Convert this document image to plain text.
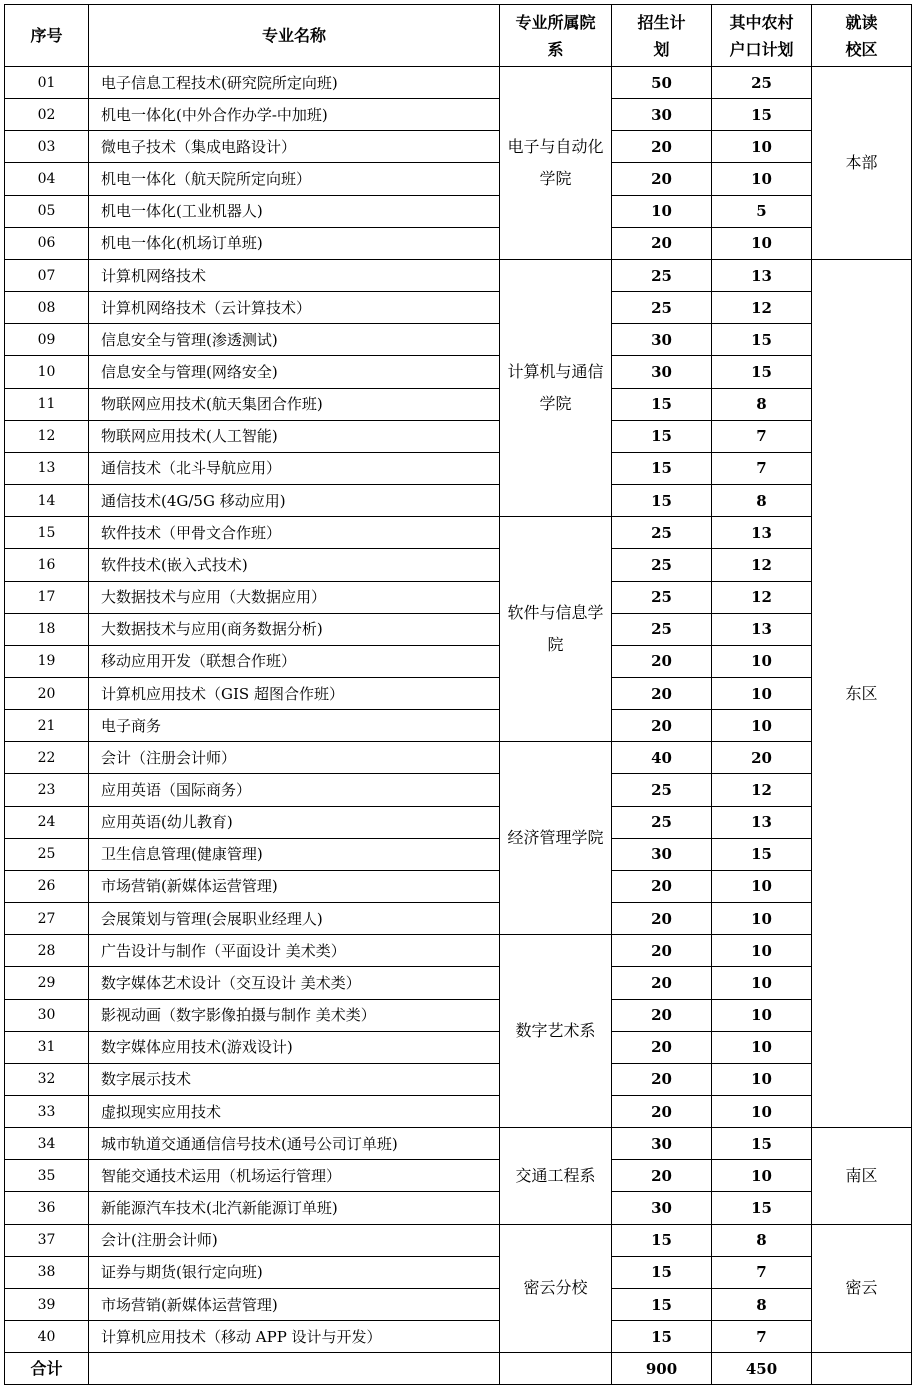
序号	专业名称	专业所属院系	招生计划	其中农村户口计划	就读校区
01	电子信息工程技术(研究院所定向班)	电子与自动化学院	50	25	本部
02	机电一体化(中外合作办学-中加班)		30	15	
03	微电子技术（集成电路设计）		20	10	
04	机电一体化（航天院所定向班）		20	10	
05	机电一体化(工业机器人)		10	5	
06	机电一体化(机场订单班)		20	10	
07	计算机网络技术	计算机与通信学院	25	13	东区
08	计算机网络技术（云计算技术）		25	12	
09	信息安全与管理(渗透测试)		30	15	
10	信息安全与管理(网络安全)		30	15	
11	物联网应用技术(航天集团合作班)		15	8	
12	物联网应用技术(人工智能)		15	7	
13	通信技术（北斗导航应用）		15	7	
14	通信技术(4G/5G 移动应用)		15	8	
15	软件技术（甲骨文合作班）	软件与信息学院	25	13	
16	软件技术(嵌入式技术)		25	12	
17	大数据技术与应用（大数据应用）		25	12	
18	大数据技术与应用(商务数据分析)		25	13	
19	移动应用开发（联想合作班）		20	10	
20	计算机应用技术（GIS 超图合作班）		20	10	
21	电子商务		20	10	
22	会计（注册会计师）	经济管理学院	40	20	
23	应用英语（国际商务）		25	12	
24	应用英语(幼儿教育)		25	13	
25	卫生信息管理(健康管理)		30	15	
26	市场营销(新媒体运营管理)		20	10	
27	会展策划与管理(会展职业经理人)		20	10	
28	广告设计与制作（平面设计 美术类）	数字艺术系	20	10	
29	数字媒体艺术设计（交互设计 美术类）		20	10	
30	影视动画（数字影像拍摄与制作 美术类）		20	10	
31	数字媒体应用技术(游戏设计)		20	10	
32	数字展示技术		20	10	
33	虚拟现实应用技术		20	10	
34	城市轨道交通通信信号技术(通号公司订单班)	交通工程系	30	15	南区
35	智能交通技术运用（机场运行管理）		20	10	
36	新能源汽车技术(北汽新能源订单班)		30	15	
37	会计(注册会计师)	密云分校	15	8	密云
38	证券与期货(银行定向班)		15	7	
39	市场营销(新媒体运营管理)		15	8	
40	计算机应用技术（移动 APP 设计与开发）		15	7	
合计			900	450	
